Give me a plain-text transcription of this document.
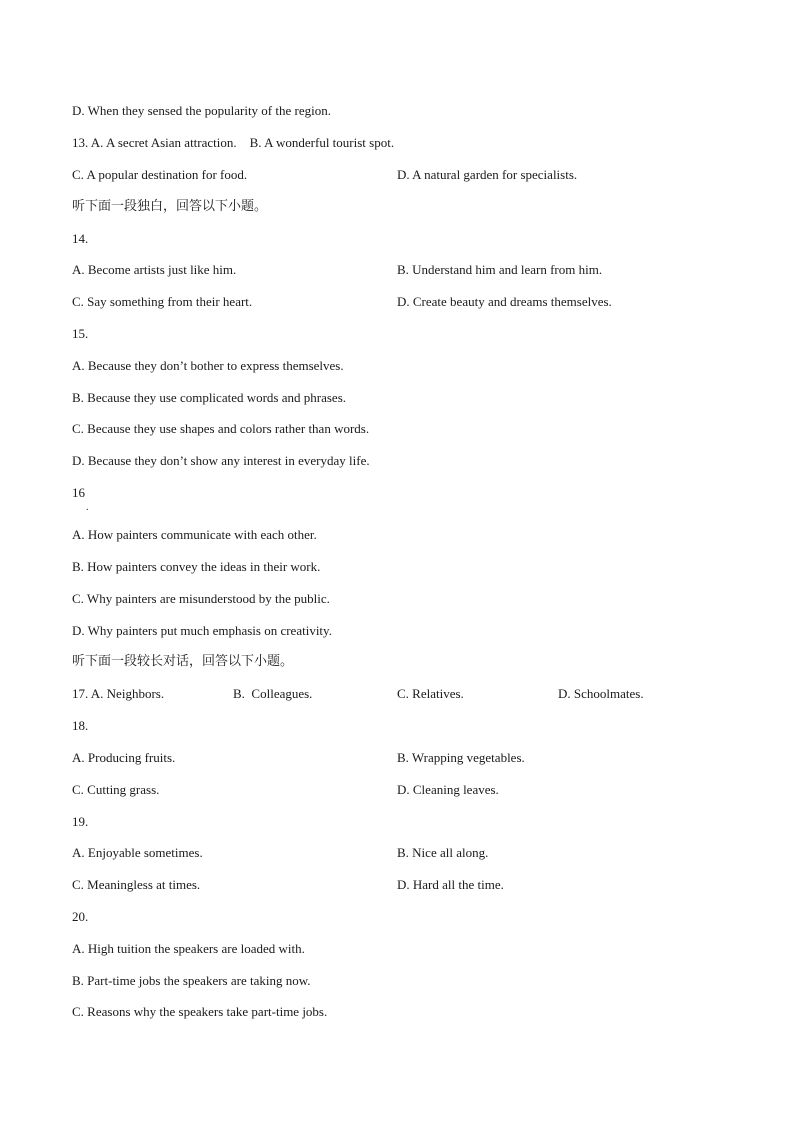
D. When they sensed the popularity of the region.
13. A. A secret Asian attraction.    B. A wonderful tourist spot.
C. A popular destination for food.	D. A natural garden for specialists.
听下面一段独白，回答以下小题。
14.
A. Become artists just like him.	B. Understand him and learn from him.
C. Say something from their heart.	D. Create beauty and dreams themselves.
15.
A. Because they don’t bother to express themselves.
B. Because they use complicated words and phrases.
C. Because they use shapes and colors rather than words.
D. Because they don’t show any interest in everyday life.
16
.
A. How painters communicate with each other.
B. How painters convey the ideas in their work.
C. Why painters are misunderstood by the public.
D. Why painters put much emphasis on creativity.
听下面一段较长对话，回答以下小题。
17. A. Neighbors.	B.  Colleagues.	C. Relatives.	D. Schoolmates.
18.
A. Producing fruits.	B. Wrapping vegetables.
C. Cutting grass.	D. Cleaning leaves.
19.
A. Enjoyable sometimes.	B. Nice all along.
C. Meaningless at times.	D. Hard all the time.
20.
A. High tuition the speakers are loaded with.
B. Part-time jobs the speakers are taking now.
C. Reasons why the speakers take part-time jobs.
